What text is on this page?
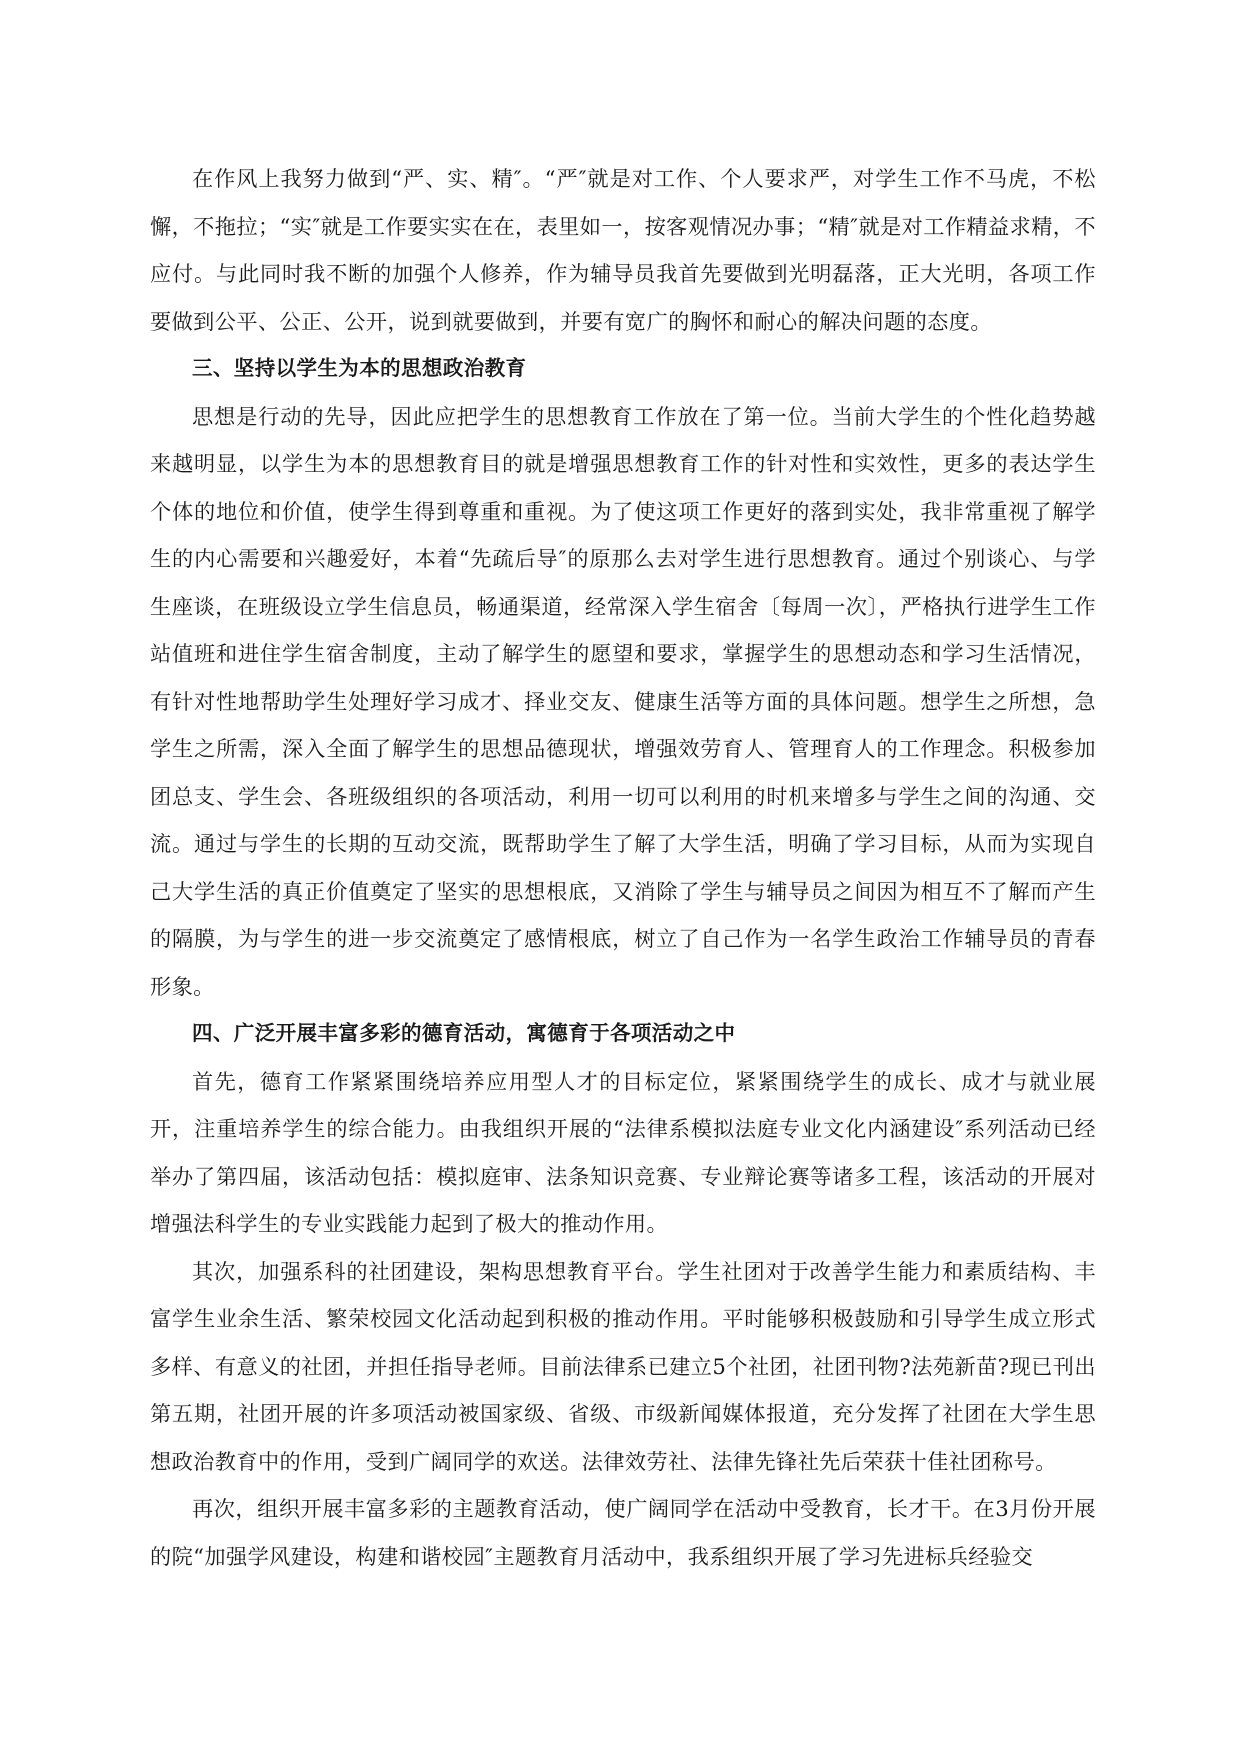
在作风上我努力做到“严、实、精″。“严″就是对工作、个人要求严，对学生工作不马虎，不松懈，不拖拉；“实″就是工作要实实在在，表里如一，按客观情况办事；“精″就是对工作精益求精，不应付。与此同时我不断的加强个人修养，作为辅导员我首先要做到光明磊落，正大光明，各项工作要做到公平、公正、公开，说到就要做到，并要有宽广的胸怀和耐心的解决问题的态度。

三、坚持以学生为本的思想政治教育

思想是行动的先导，因此应把学生的思想教育工作放在了第一位。当前大学生的个性化趋势越来越明显，以学生为本的思想教育目的就是增强思想教育工作的针对性和实效性，更多的表达学生个体的地位和价值，使学生得到尊重和重视。为了使这项工作更好的落到实处，我非常重视了解学生的内心需要和兴趣爱好，本着“先疏后导″的原那么去对学生进行思想教育。通过个别谈心、与学生座谈，在班级设立学生信息员，畅通渠道，经常深入学生宿舍〔每周一次〕，严格执行进学生工作站值班和进住学生宿舍制度，主动了解学生的愿望和要求，掌握学生的思想动态和学习生活情况，有针对性地帮助学生处理好学习成才、择业交友、健康生活等方面的具体问题。想学生之所想，急学生之所需，深入全面了解学生的思想品德现状，增强效劳育人、管理育人的工作理念。积极参加团总支、学生会、各班级组织的各项活动，利用一切可以利用的时机来增多与学生之间的沟通、交流。通过与学生的长期的互动交流，既帮助学生了解了大学生活，明确了学习目标，从而为实现自己大学生活的真正价值奠定了坚实的思想根底，又消除了学生与辅导员之间因为相互不了解而产生的隔膜，为与学生的进一步交流奠定了感情根底，树立了自己作为一名学生政治工作辅导员的青春形象。

四、广泛开展丰富多彩的德育活动，寓德育于各项活动之中

首先，德育工作紧紧围绕培养应用型人才的目标定位，紧紧围绕学生的成长、成才与就业展开，注重培养学生的综合能力。由我组织开展的“法律系模拟法庭专业文化内涵建设″系列活动已经举办了第四届，该活动包括：模拟庭审、法条知识竞赛、专业辩论赛等诸多工程，该活动的开展对增强法科学生的专业实践能力起到了极大的推动作用。

其次，加强系科的社团建设，架构思想教育平台。学生社团对于改善学生能力和素质结构、丰富学生业余生活、繁荣校园文化活动起到积极的推动作用。平时能够积极鼓励和引导学生成立形式多样、有意义的社团，并担任指导老师。目前法律系已建立5个社团，社团刊物?法苑新苗?现已刊出第五期，社团开展的许多项活动被国家级、省级、市级新闻媒体报道，充分发挥了社团在大学生思想政治教育中的作用，受到广阔同学的欢送。法律效劳社、法律先锋社先后荣获十佳社团称号。

再次，组织开展丰富多彩的主题教育活动，使广阔同学在活动中受教育，长才干。在3月份开展的院“加强学风建设，构建和谐校园″主题教育月活动中，我系组织开展了学习先进标兵经验交
